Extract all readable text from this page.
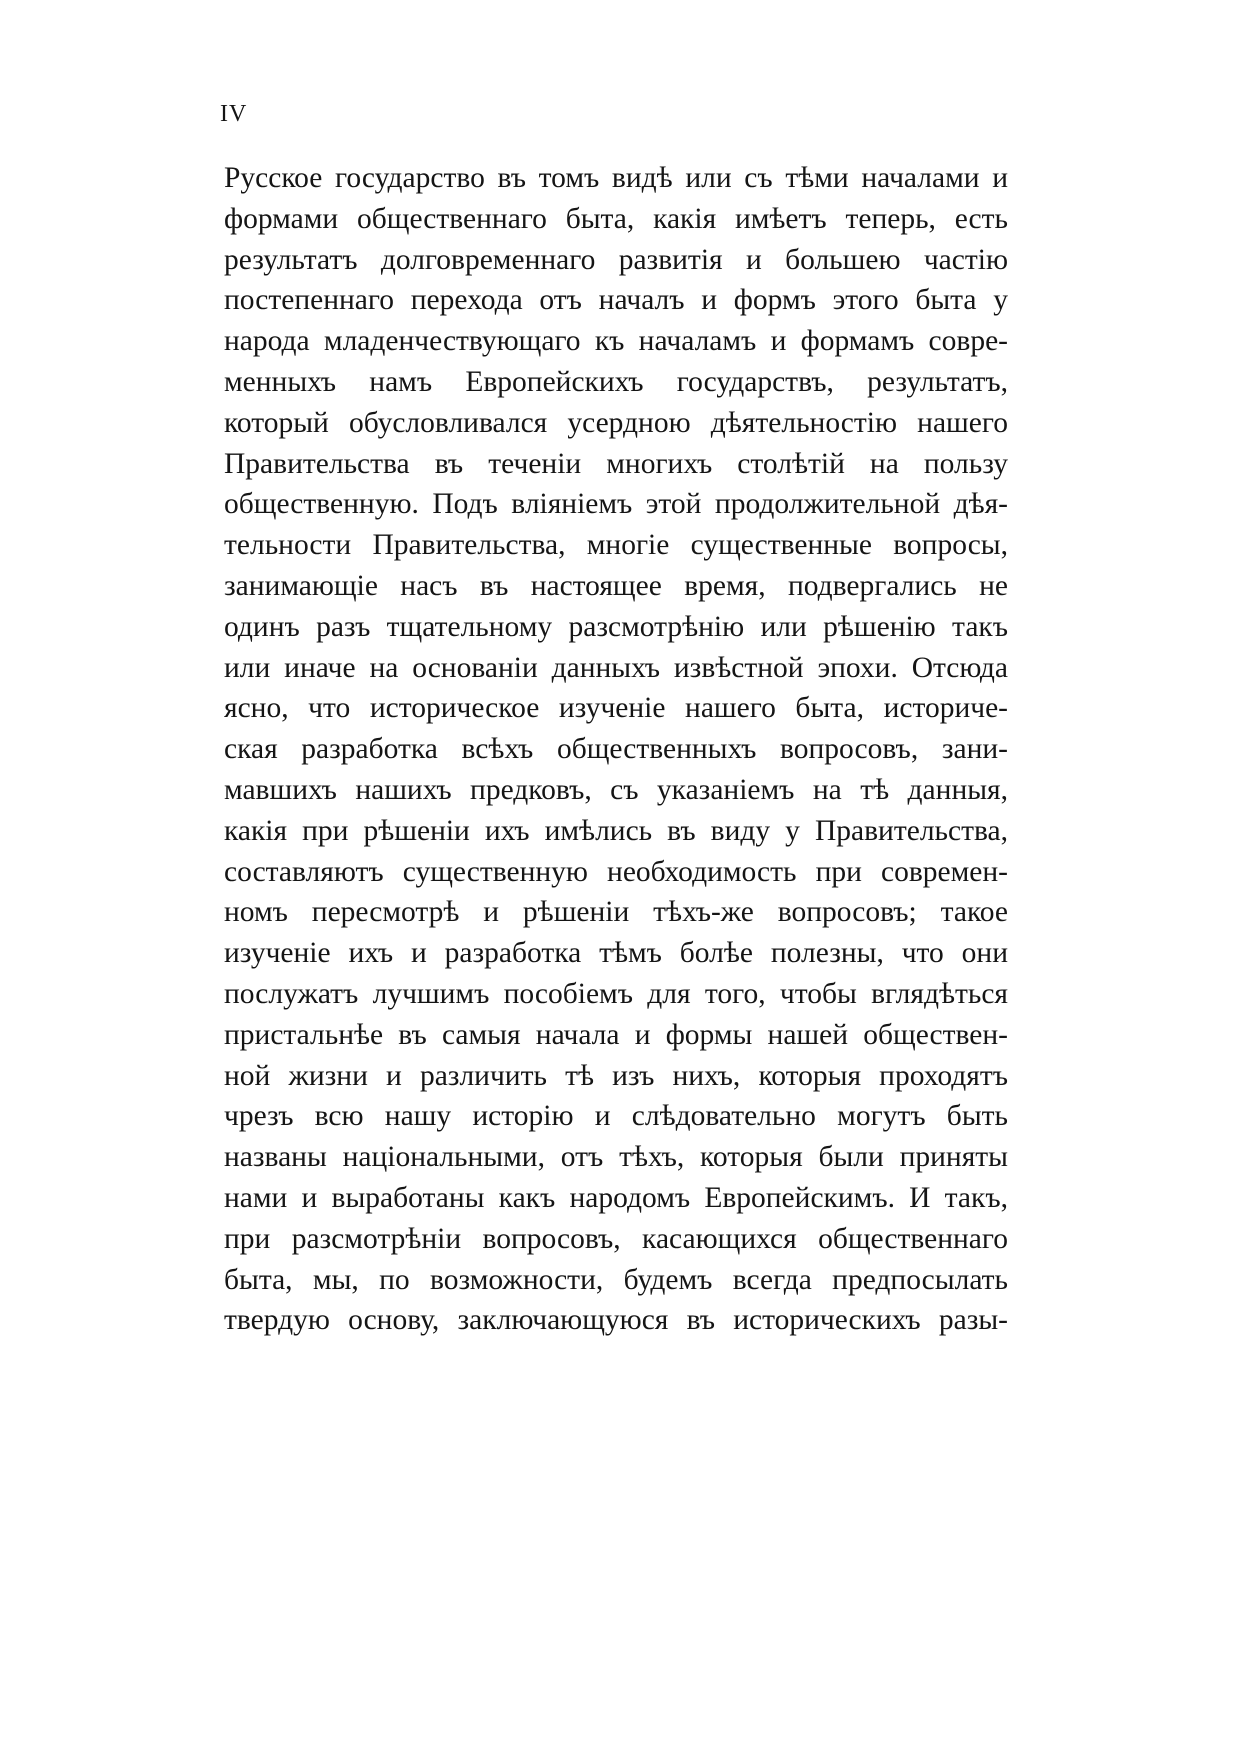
IV
Русское государство въ томъ видѣ или съ тѣми началами и
формами общественнаго быта, какія имѣетъ теперь, есть
результатъ долговременнаго развитія и большею частію
постепеннаго перехода отъ началъ и формъ этого быта у
народа младенчествующаго къ началамъ и формамъ совре-
менныхъ намъ Европейскихъ государствъ, результатъ,
который обусловливался усердною дѣятельностію нашего
Правительства въ теченіи многихъ столѣтій на пользу
общественную. Подъ вліяніемъ этой продолжительной дѣя-
тельности Правительства, многіе существенные вопросы,
занимающіе насъ въ настоящее время, подвергались не
одинъ разъ тщательному разсмотрѣнію или рѣшенію такъ
или иначе на основаніи данныхъ извѣстной эпохи. Отсюда
ясно, что историческое изученіе нашего быта, историче-
ская разработка всѣхъ общественныхъ вопросовъ, зани-
мавшихъ нашихъ предковъ, съ указаніемъ на тѣ данныя,
какія при рѣшеніи ихъ имѣлись въ виду у Правительства,
составляютъ существенную необходимость при современ-
номъ пересмотрѣ и рѣшеніи тѣхъ-же вопросовъ; такое
изученіе ихъ и разработка тѣмъ болѣе полезны, что они
послужатъ лучшимъ пособіемъ для того, чтобы вглядѣться
пристальнѣе въ самыя начала и формы нашей обществен-
ной жизни и различить тѣ изъ нихъ, которыя проходятъ
чрезъ всю нашу исторію и слѣдовательно могутъ быть
названы національными, отъ тѣхъ, которыя были приняты
нами и выработаны какъ народомъ Европейскимъ. И такъ,
при разсмотрѣніи вопросовъ, касающихся общественнаго
быта, мы, по возможности, будемъ всегда предпосылать
твердую основу, заключающуюся въ историческихъ разы-
